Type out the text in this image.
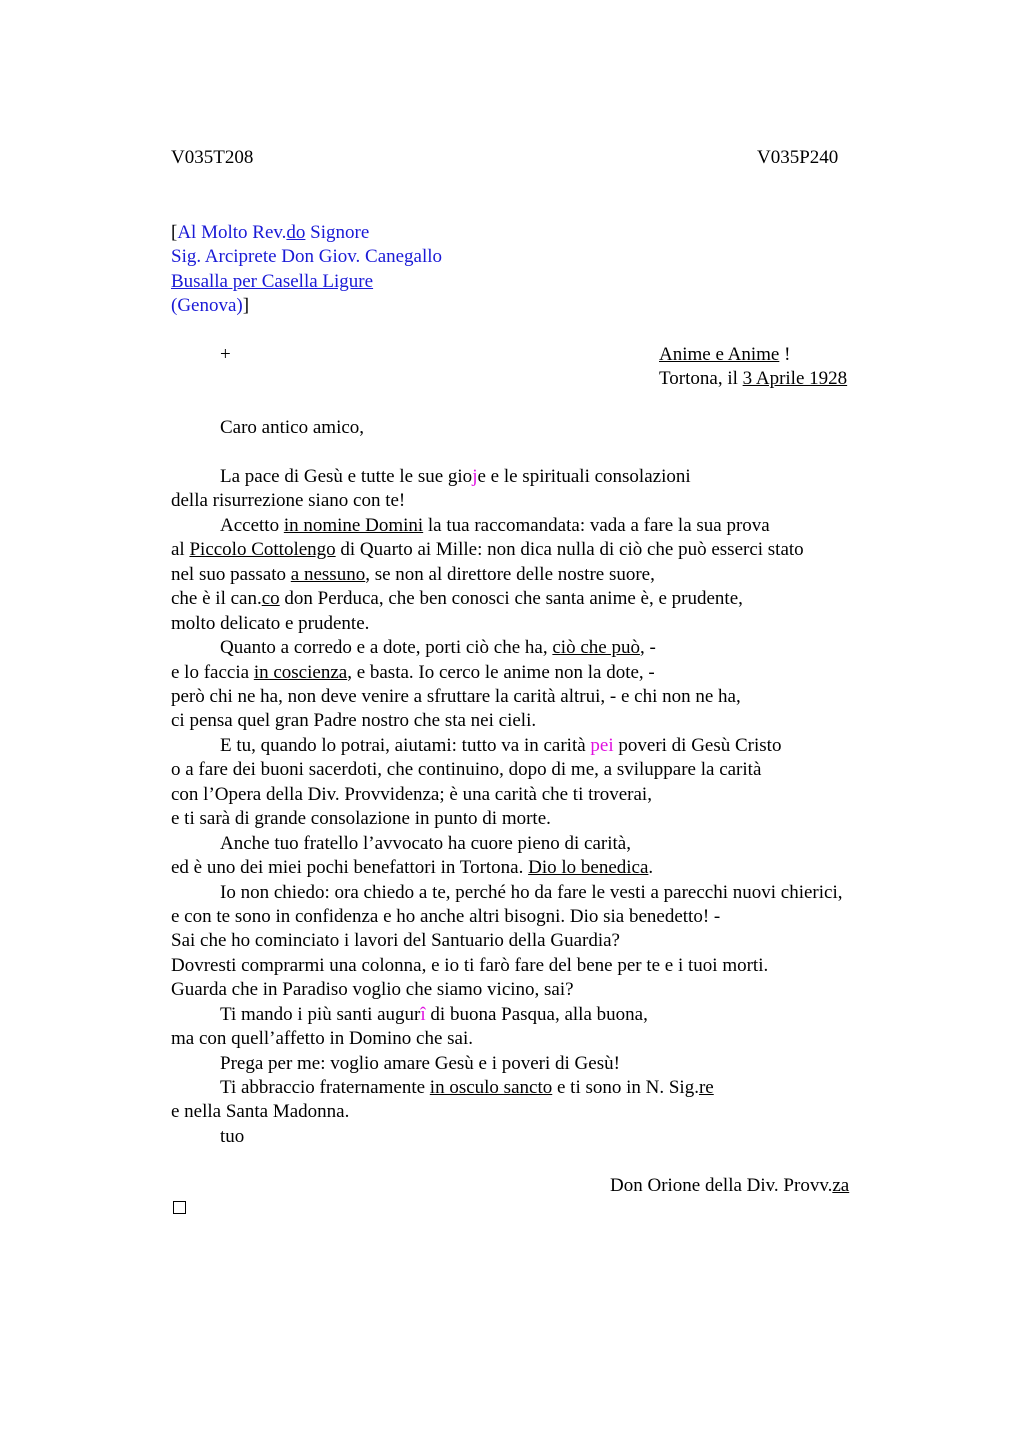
V035T208	V035P240
[Al Molto Rev.do Signore
Sig. Arciprete Don Giov. Canegallo
Busalla per Casella Ligure
(Genova)]
+	Anime e Anime !
Tortona, il 3 Aprile 1928
Caro antico amico,
La pace di Gesù e tutte le sue gioje e le spirituali consolazioni
della risurrezione siano con te!
Accetto in nomine Domini la tua raccomandata: vada a fare la sua prova
al Piccolo Cottolengo di Quarto ai Mille: non dica nulla di ciò che può esserci stato
nel suo passato a nessuno, se non al direttore delle nostre suore,
che è il can.co don Perduca, che ben conosci che santa anime è, e prudente,
molto delicato e prudente.
Quanto a corredo e a dote, porti ciò che ha, ciò che può, -
e lo faccia in coscienza, e basta. Io cerco le anime non la dote, -
però chi ne ha, non deve venire a sfruttare la carità altrui, - e chi non ne ha,
ci pensa quel gran Padre nostro che sta nei cieli.
E tu, quando lo potrai, aiutami: tutto va in carità pei poveri di Gesù Cristo
o a fare dei buoni sacerdoti, che continuino, dopo di me, a sviluppare la carità
con l’Opera della Div. Provvidenza; è una carità che ti troverai,
e ti sarà di grande consolazione in punto di morte.
Anche tuo fratello l’avvocato ha cuore pieno di carità,
ed è uno dei miei pochi benefattori in Tortona. Dio lo benedica.
Io non chiedo: ora chiedo a te, perché ho da fare le vesti a parecchi nuovi chierici,
e con te sono in confidenza e ho anche altri bisogni. Dio sia benedetto! -
Sai che ho cominciato i lavori del Santuario della Guardia?
Dovresti comprarmi una colonna, e io ti farò fare del bene per te e i tuoi morti.
Guarda che in Paradiso voglio che siamo vicino, sai?
Ti mando i più santi augurî di buona Pasqua, alla buona,
ma con quell’affetto in Domino che sai.
Prega per me: voglio amare Gesù e i poveri di Gesù!
Ti abbraccio fraternamente in osculo sancto e ti sono in N. Sig.re
e nella Santa Madonna.
tuo
Don Orione della Div. Provv.za
